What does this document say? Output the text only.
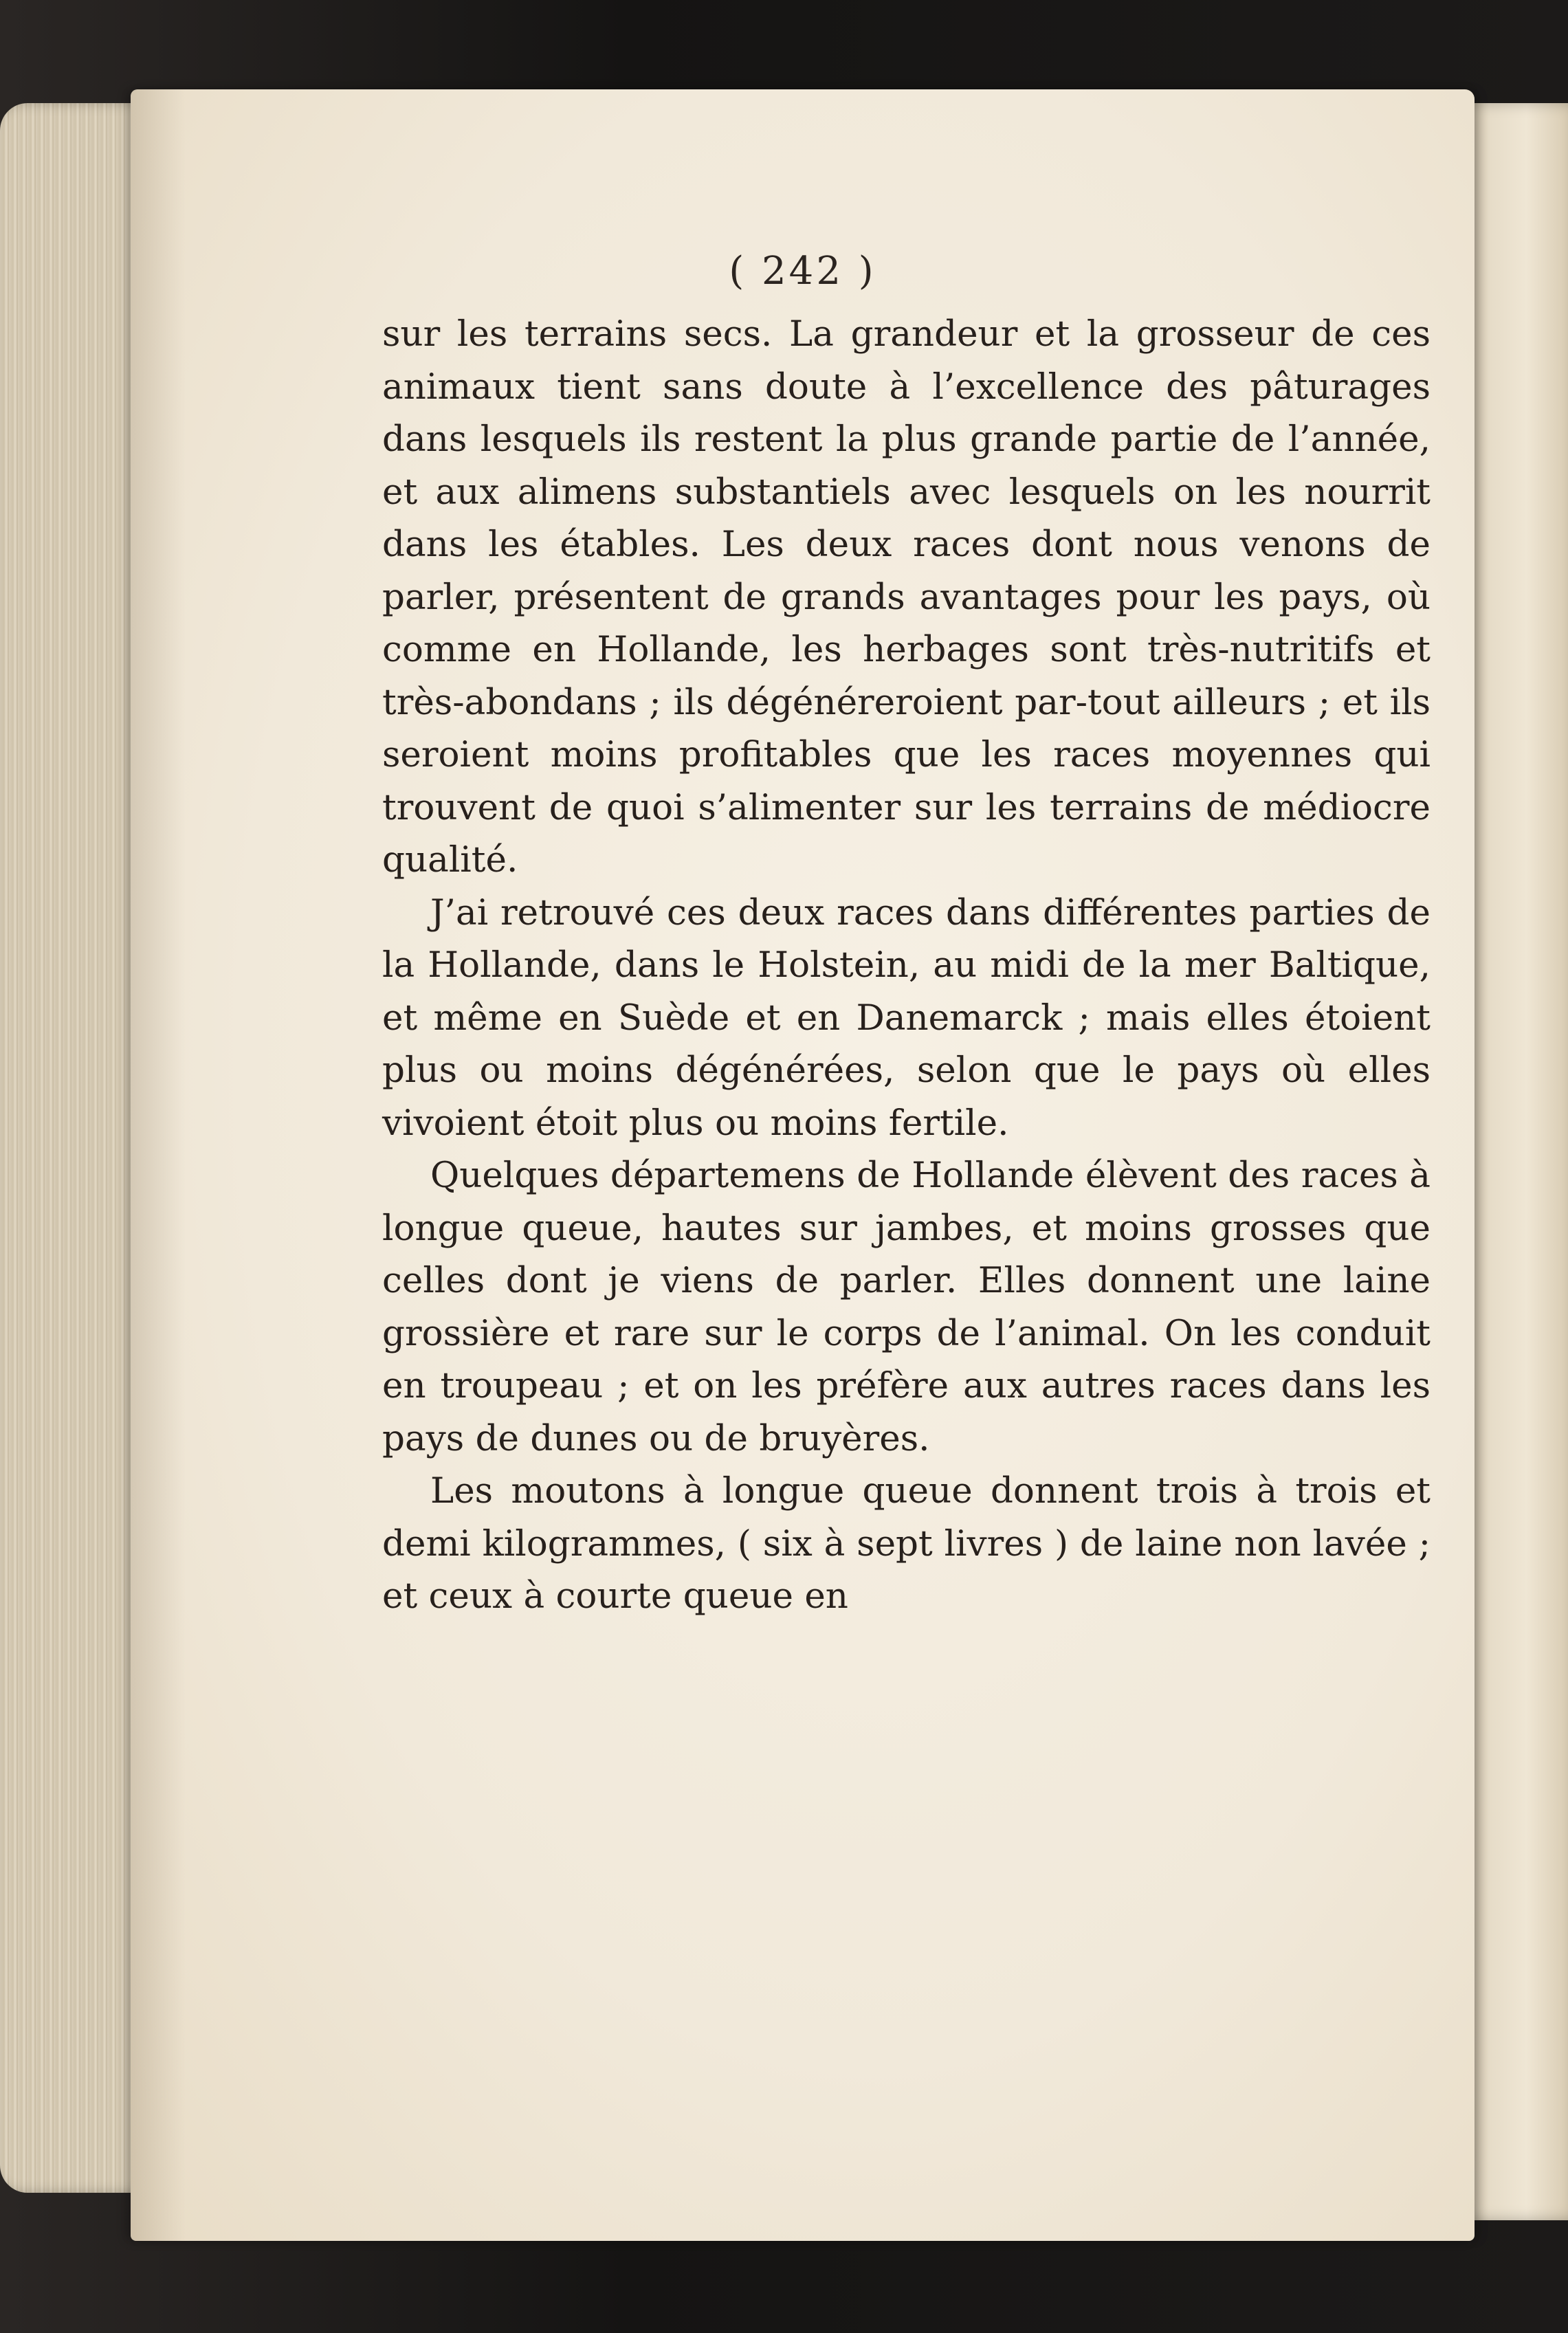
( 242 )

sur les terrains secs. La grandeur et la grosseur de ces animaux tient sans doute à l’excellence des pâturages dans lesquels ils restent la plus grande partie de l’année, et aux alimens substantiels avec lesquels on les nourrit dans les étables. Les deux races dont nous venons de parler, présentent de grands avantages pour les pays, où comme en Hollande, les herbages sont très-nutritifs et très-abondans ; ils dégénéreroient par-tout ailleurs ; et ils seroient moins profitables que les races moyennes qui trouvent de quoi s’alimenter sur les terrains de médiocre qualité.

J’ai retrouvé ces deux races dans différentes parties de la Hollande, dans le Holstein, au midi de la mer Baltique, et même en Suède et en Danemarck ; mais elles étoient plus ou moins dégénérées, selon que le pays où elles vivoient étoit plus ou moins fertile.

Quelques départemens de Hollande élèvent des races à longue queue, hautes sur jambes, et moins grosses que celles dont je viens de parler. Elles donnent une laine grossière et rare sur le corps de l’animal. On les conduit en troupeau ; et on les préfère aux autres races dans les pays de dunes ou de bruyères.

Les moutons à longue queue donnent trois à trois et demi kilogrammes, ( six à sept livres ) de laine non lavée ; et ceux à courte queue en
